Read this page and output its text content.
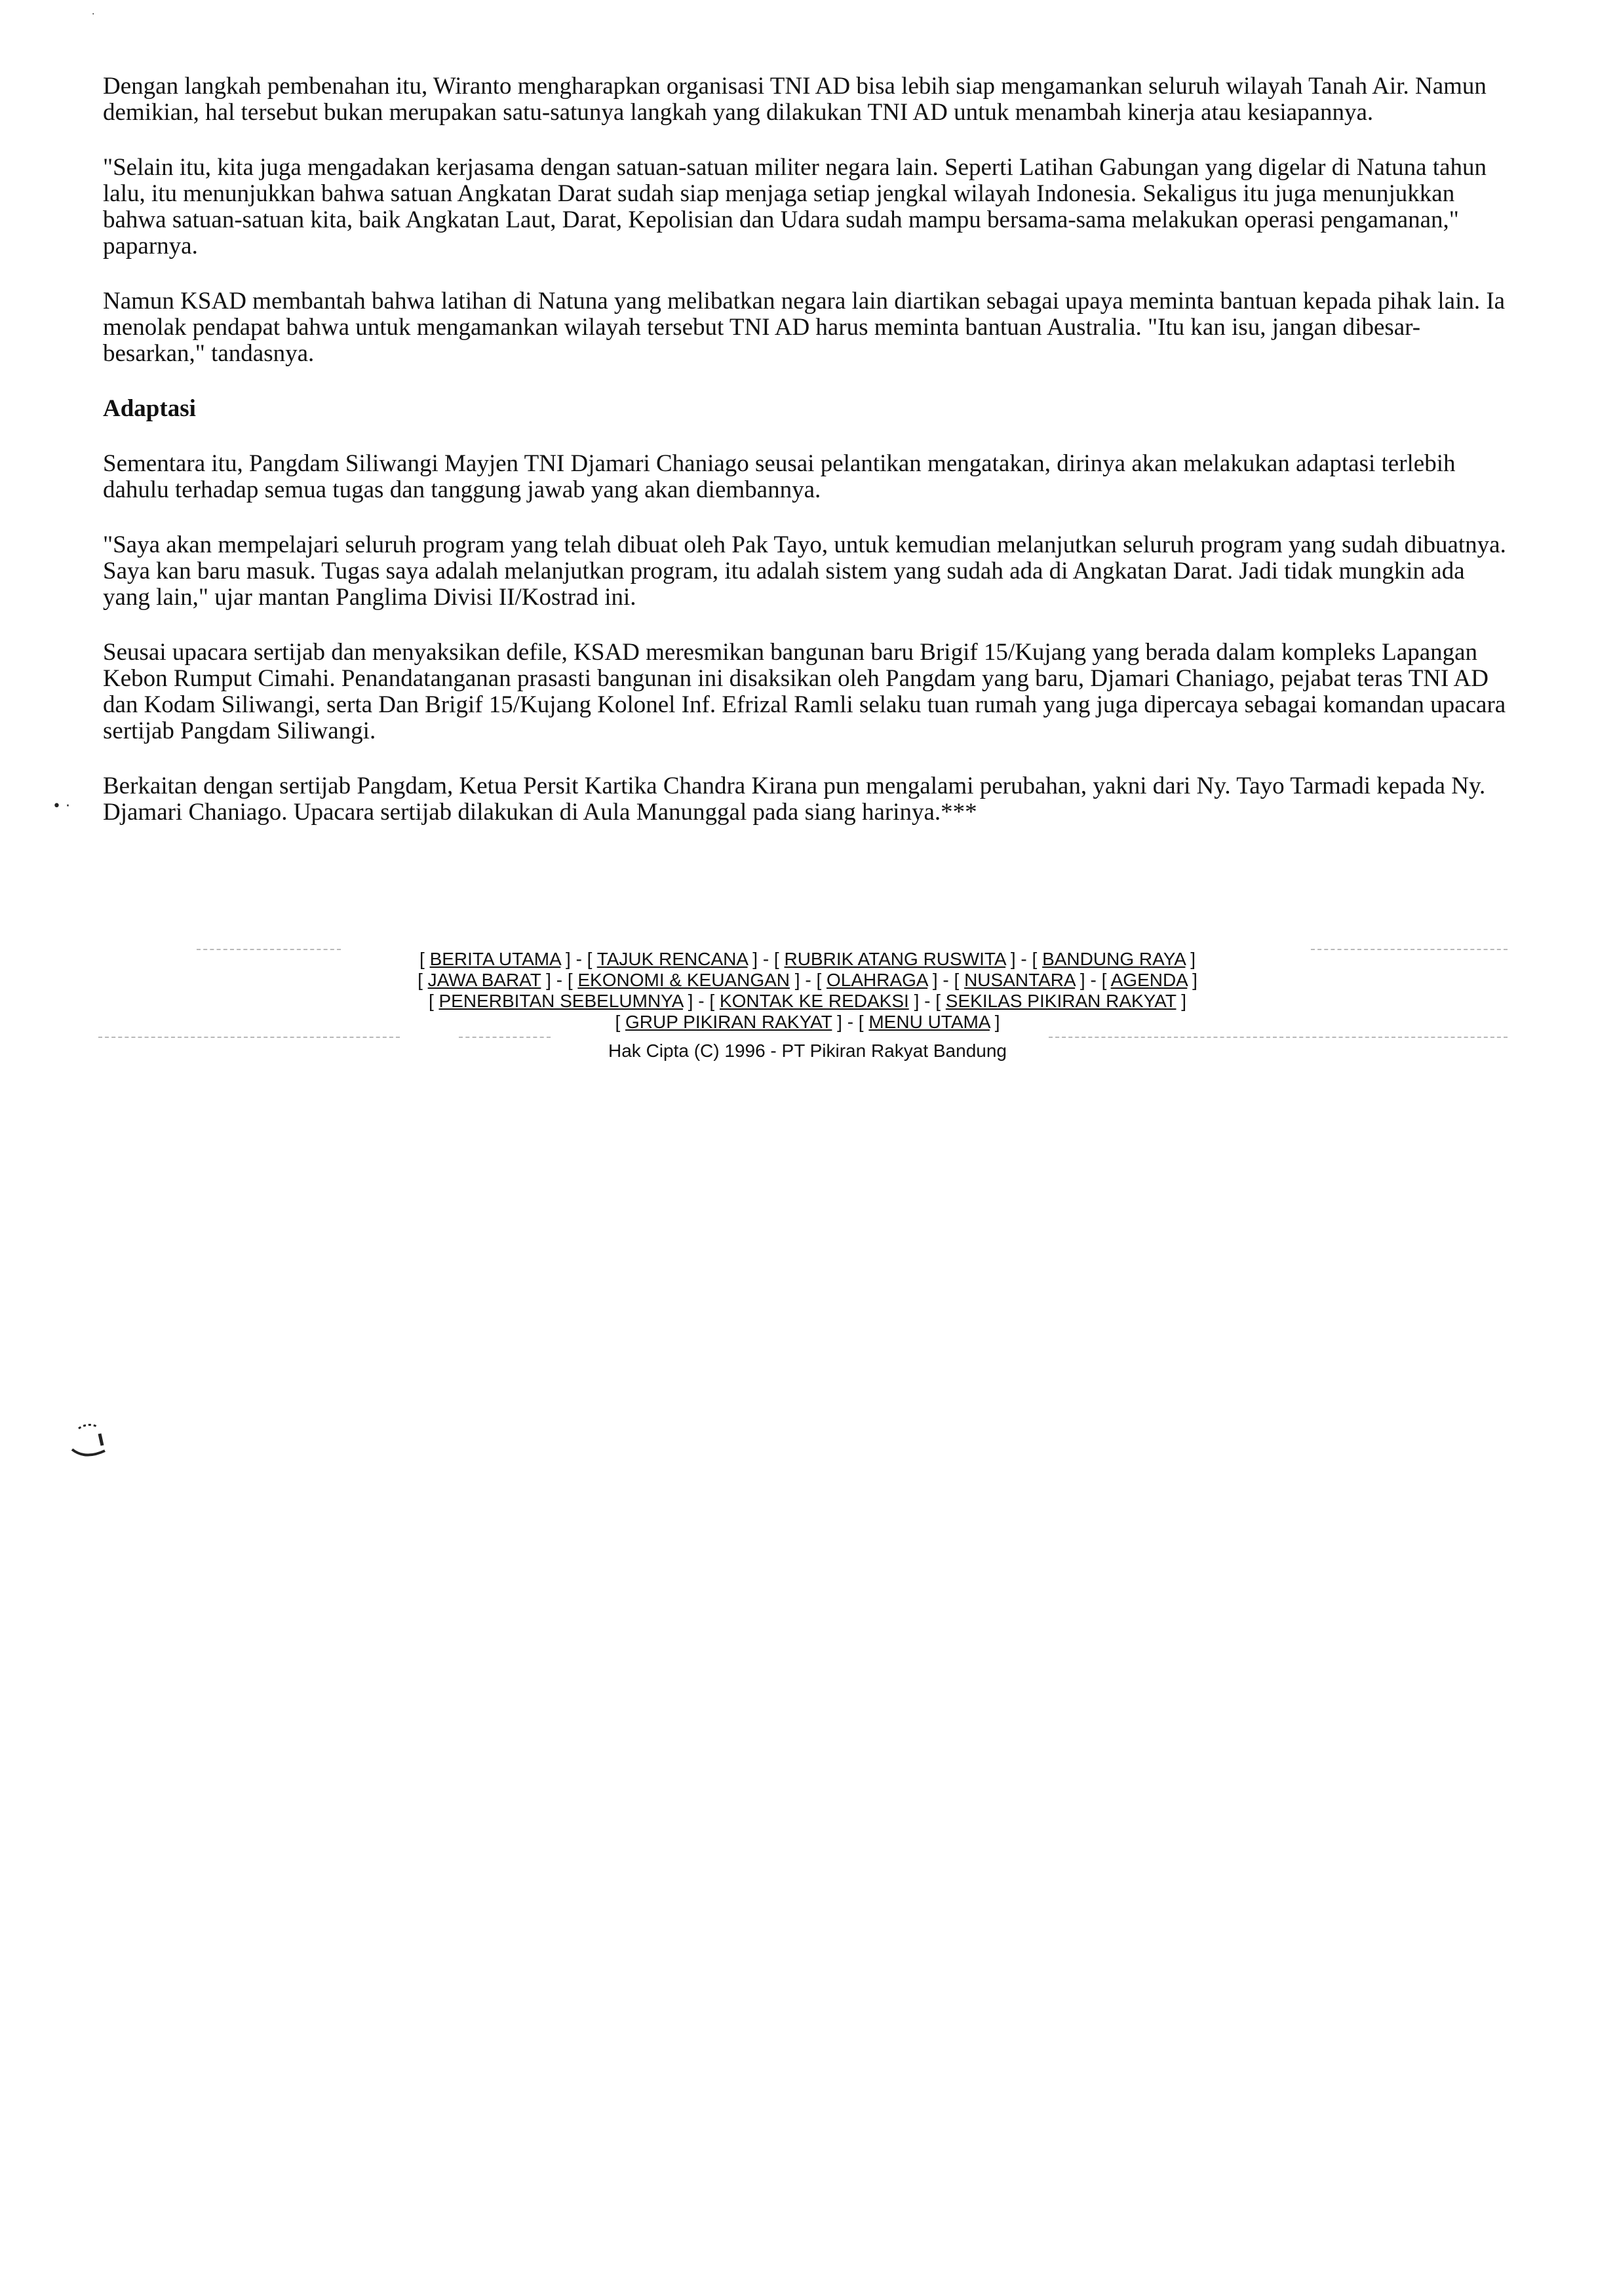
·

Dengan langkah pembenahan itu, Wiranto mengharapkan organisasi TNI AD bisa lebih siap mengamankan seluruh wilayah Tanah Air. Namun demikian, hal tersebut bukan merupakan satu-satunya langkah yang dilakukan TNI AD untuk menambah kinerja atau kesiapannya.

"Selain itu, kita juga mengadakan kerjasama dengan satuan-satuan militer negara lain. Seperti Latihan Gabungan yang digelar di Natuna tahun lalu, itu menunjukkan bahwa satuan Angkatan Darat sudah siap menjaga setiap jengkal wilayah Indonesia. Sekaligus itu juga menunjukkan bahwa satuan-satuan kita, baik Angkatan Laut, Darat, Kepolisian dan Udara sudah mampu bersama-sama melakukan operasi pengamanan," paparnya.

Namun KSAD membantah bahwa latihan di Natuna yang melibatkan negara lain diartikan sebagai upaya meminta bantuan kepada pihak lain. Ia menolak pendapat bahwa untuk mengamankan wilayah tersebut TNI AD harus meminta bantuan Australia. "Itu kan isu, jangan dibesar-besarkan," tandasnya.

Adaptasi

Sementara itu, Pangdam Siliwangi Mayjen TNI Djamari Chaniago seusai pelantikan mengatakan, dirinya akan melakukan adaptasi terlebih dahulu terhadap semua tugas dan tanggung jawab yang akan diembannya.

"Saya akan mempelajari seluruh program yang telah dibuat oleh Pak Tayo, untuk kemudian melanjutkan seluruh program yang sudah dibuatnya. Saya kan baru masuk. Tugas saya adalah melanjutkan program, itu adalah sistem yang sudah ada di Angkatan Darat. Jadi tidak mungkin ada yang lain," ujar mantan Panglima Divisi II/Kostrad ini.

Seusai upacara sertijab dan menyaksikan defile, KSAD meresmikan bangunan baru Brigif 15/Kujang yang berada dalam kompleks Lapangan Kebon Rumput Cimahi. Penandatanganan prasasti bangunan ini disaksikan oleh Pangdam yang baru, Djamari Chaniago, pejabat teras TNI AD dan Kodam Siliwangi, serta Dan Brigif 15/Kujang Kolonel Inf. Efrizal Ramli selaku tuan rumah yang juga dipercaya sebagai komandan upacara sertijab Pangdam Siliwangi.

Berkaitan dengan sertijab Pangdam, Ketua Persit Kartika Chandra Kirana pun mengalami perubahan, yakni dari Ny. Tayo Tarmadi kepada Ny. Djamari Chaniago. Upacara sertijab dilakukan di Aula Manunggal pada siang harinya.***

[ BERITA UTAMA ] - [ TAJUK RENCANA ] - [ RUBRIK ATANG RUSWITA ] - [ BANDUNG RAYA ]
[ JAWA BARAT ] - [ EKONOMI & KEUANGAN ] - [ OLAHRAGA ] - [ NUSANTARA ] - [ AGENDA ]
[ PENERBITAN SEBELUMNYA ] - [ KONTAK KE REDAKSI ] - [ SEKILAS PIKIRAN RAKYAT ]
[ GRUP PIKIRAN RAKYAT ] - [ MENU UTAMA ]
Hak Cipta (C) 1996 - PT Pikiran Rakyat Bandung
• ·
